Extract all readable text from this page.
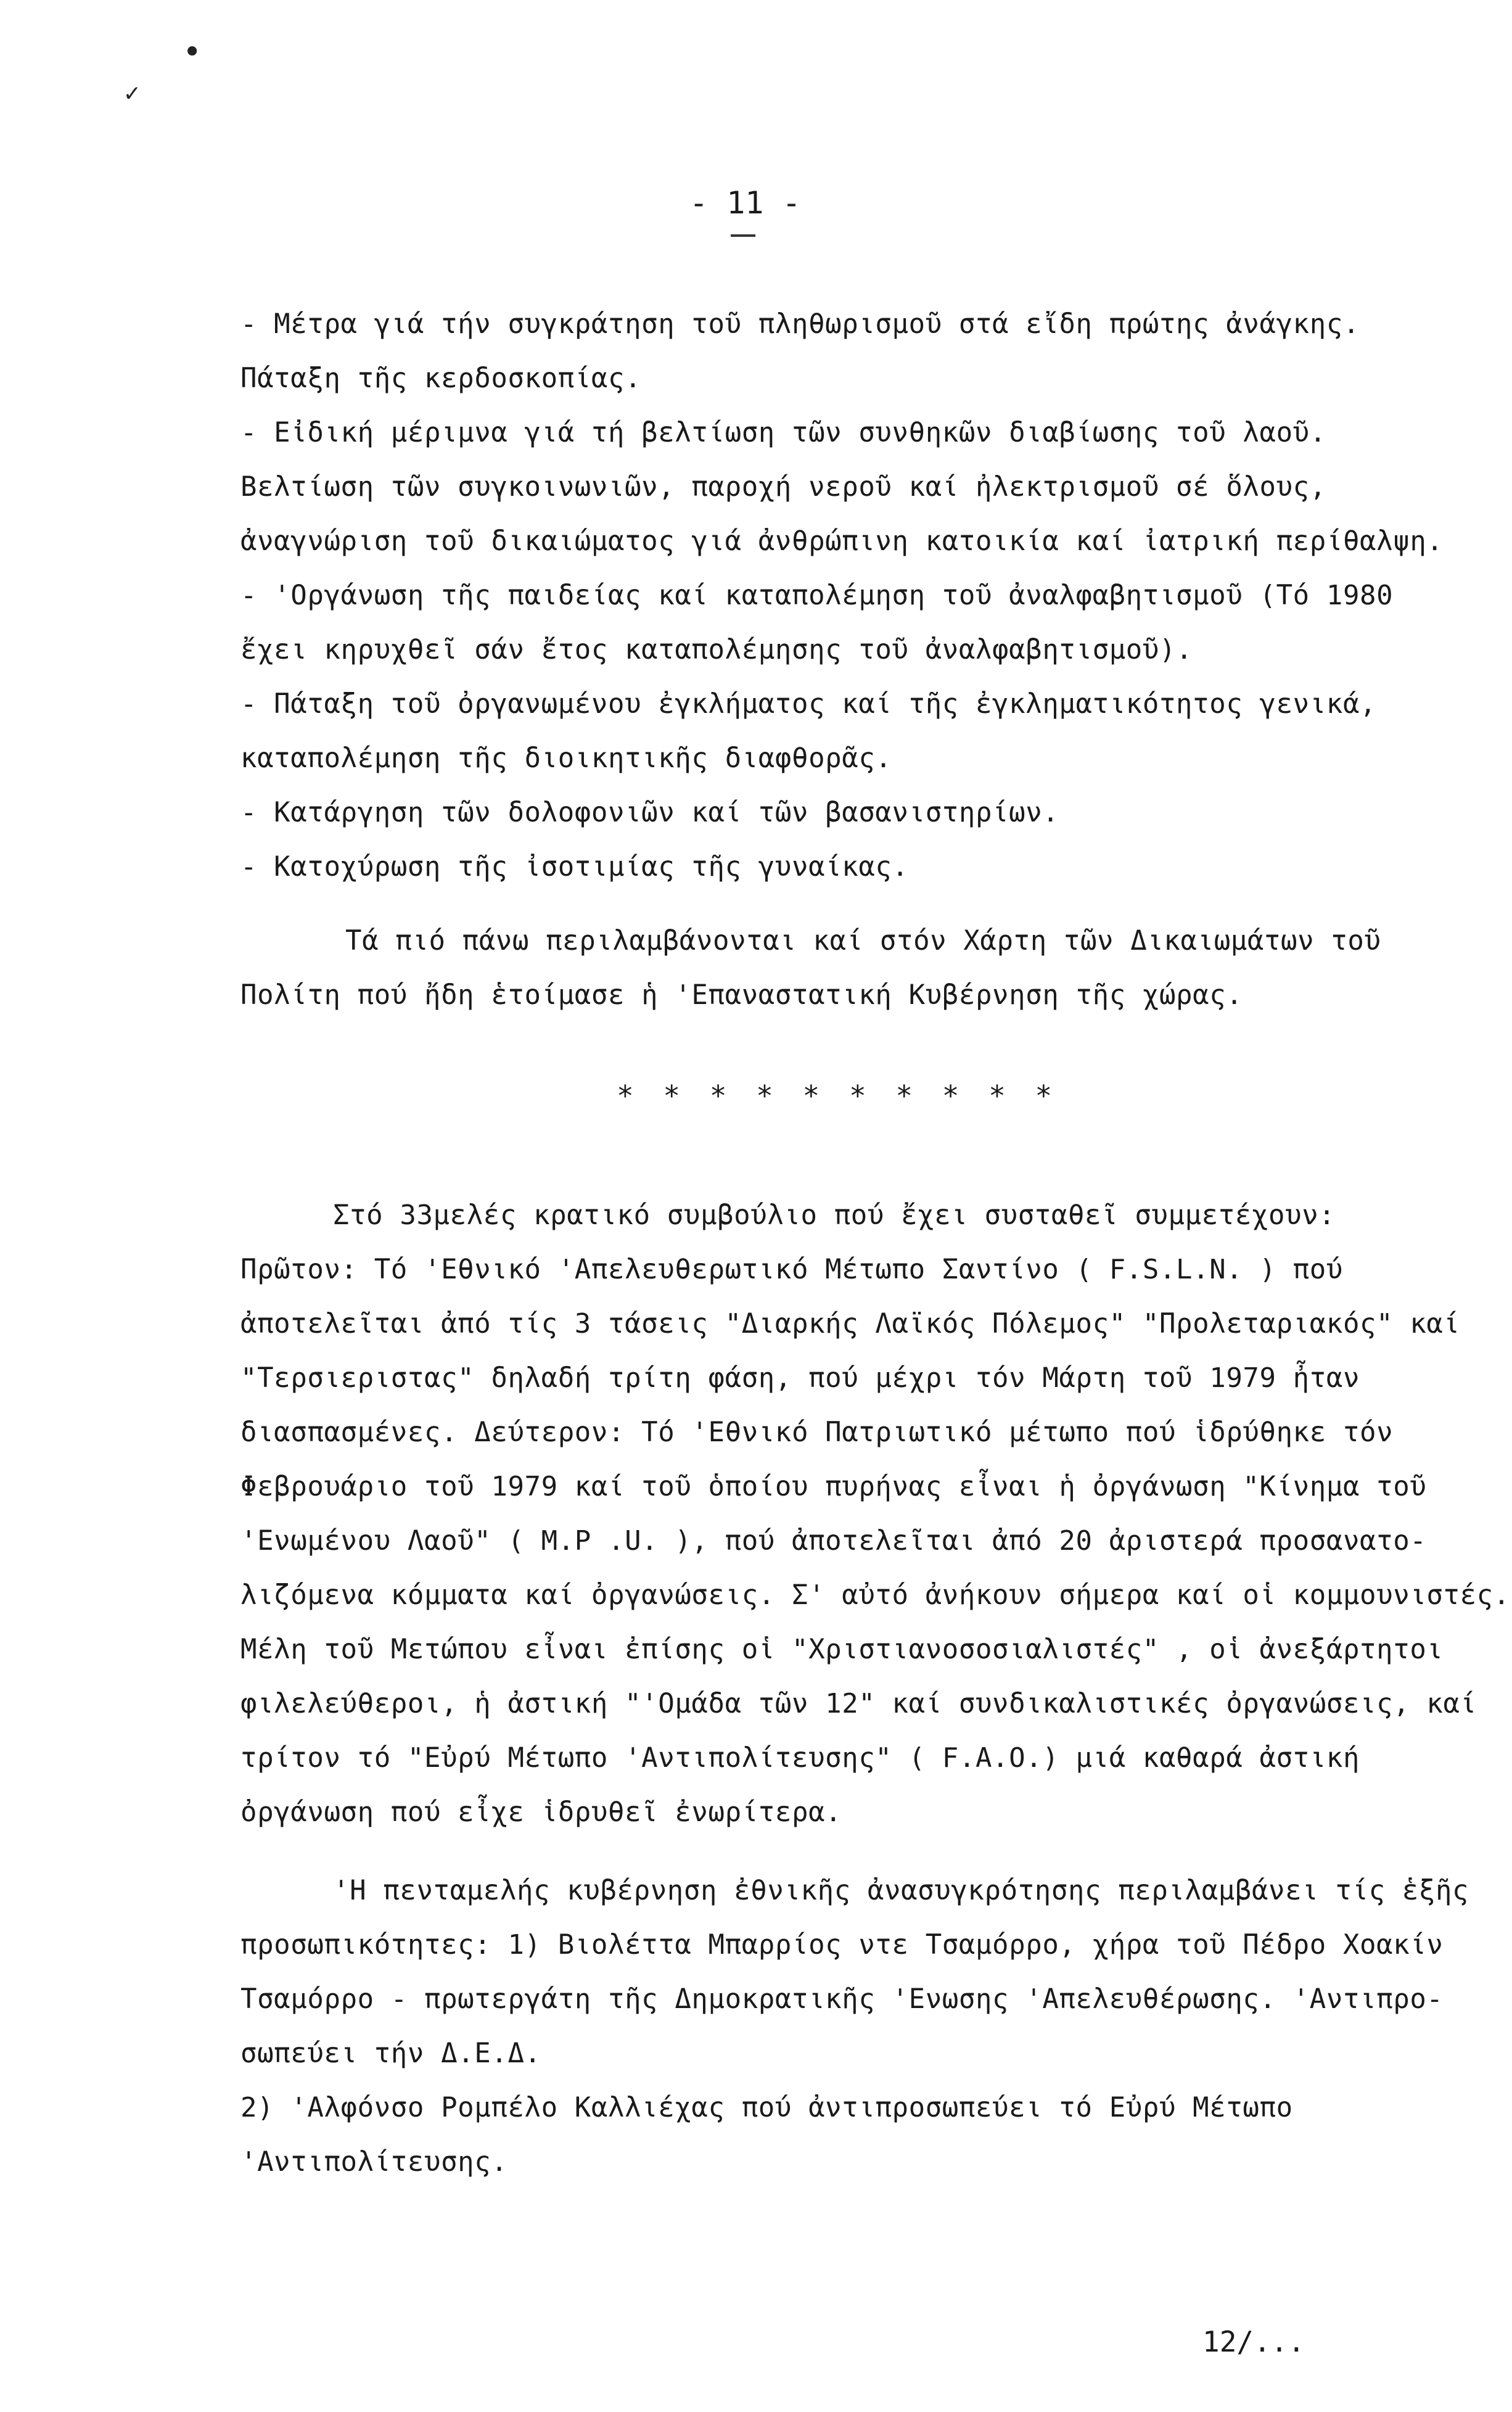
•
✓
- 11 -
- Μέτρα γιά τήν συγκράτηση τοῦ πληθωρισμοῦ στά εἴδη πρώτης ἀνάγκης.
Πάταξη τῆς κερδοσκοπίας.
- Εἰδική μέριμνα γιά τή βελτίωση τῶν συνθηκῶν διαβίωσης τοῦ λαοῦ.
Βελτίωση τῶν συγκοινωνιῶν, παροχή νεροῦ καί ἠλεκτρισμοῦ σέ ὅλους,
ἀναγνώριση τοῦ δικαιώματος γιά ἀνθρώπινη κατοικία καί ἰατρική περίθαλψη.
- 'Οργάνωση τῆς παιδείας καί καταπολέμηση τοῦ ἀναλφαβητισμοῦ (Τό 1980
ἔχει κηρυχθεῖ σάν ἔτος καταπολέμησης τοῦ ἀναλφαβητισμοῦ).
- Πάταξη τοῦ ὀργανωμένου ἐγκλήματος καί τῆς ἐγκληματικότητος γενικά,
καταπολέμηση τῆς διοικητικῆς διαφθορᾶς.
- Κατάργηση τῶν δολοφονιῶν καί τῶν βασανιστηρίων.
- Κατοχύρωση τῆς ἰσοτιμίας τῆς γυναίκας.
Τά πιό πάνω περιλαμβάνονται καί στόν Χάρτη τῶν Δικαιωμάτων τοῦ
Πολίτη πού ἤδη ἑτοίμασε ἡ 'Επαναστατική Κυβέρνηση τῆς χώρας.
* * * * * * * * * *
Στό 33μελές κρατικό συμβούλιο πού ἔχει συσταθεῖ συμμετέχουν:
Πρῶτον: Τό 'Εθνικό 'Απελευθερωτικό Μέτωπο Σαντίνο ( F.S.L.N. ) πού
ἀποτελεῖται ἀπό τίς 3 τάσεις "Διαρκής Λαϊκός Πόλεμος" "Προλεταριακός" καί
"Τερσιεριστας" δηλαδή τρίτη φάση, πού μέχρι τόν Μάρτη τοῦ 1979 ἦταν
διασπασμένες. Δεύτερον: Τό 'Εθνικό Πατριωτικό μέτωπο πού ἱδρύθηκε τόν
Φεβρουάριο τοῦ 1979 καί τοῦ ὁποίου πυρήνας εἶναι ἡ ὀργάνωση "Κίνημα τοῦ
'Ενωμένου Λαοῦ" ( M.P .U. ), πού ἀποτελεῖται ἀπό 20 ἀριστερά προσανατο-
λιζόμενα κόμματα καί ὀργανώσεις. Σ' αὐτό ἀνήκουν σήμερα καί οἱ κομμουνιστές.
Μέλη τοῦ Μετώπου εἶναι ἐπίσης οἱ "Χριστιανοσοσιαλιστές" , οἱ ἀνεξάρτητοι
φιλελεύθεροι, ἡ ἀστική "'Ομάδα τῶν 12" καί συνδικαλιστικές ὀργανώσεις, καί
τρίτον τό "Εὐρύ Μέτωπο 'Αντιπολίτευσης" ( F.A.O.) μιά καθαρά ἀστική
ὀργάνωση πού εἶχε ἱδρυθεῖ ἐνωρίτερα.
'Η πενταμελής κυβέρνηση ἐθνικῆς ἀνασυγκρότησης περιλαμβάνει τίς ἑξῆς
προσωπικότητες: 1) Βιολέττα Μπαρρίος ντε Τσαμόρρο, χήρα τοῦ Πέδρο Χοακίν
Τσαμόρρο - πρωτεργάτη τῆς Δημοκρατικῆς 'Ενωσης 'Απελευθέρωσης. 'Αντιπρο-
σωπεύει τήν Δ.Ε.Δ.
2) 'Αλφόνσο Ρομπέλο Καλλιέχας πού ἀντιπροσωπεύει τό Εὐρύ Μέτωπο
'Αντιπολίτευσης.
12/...
